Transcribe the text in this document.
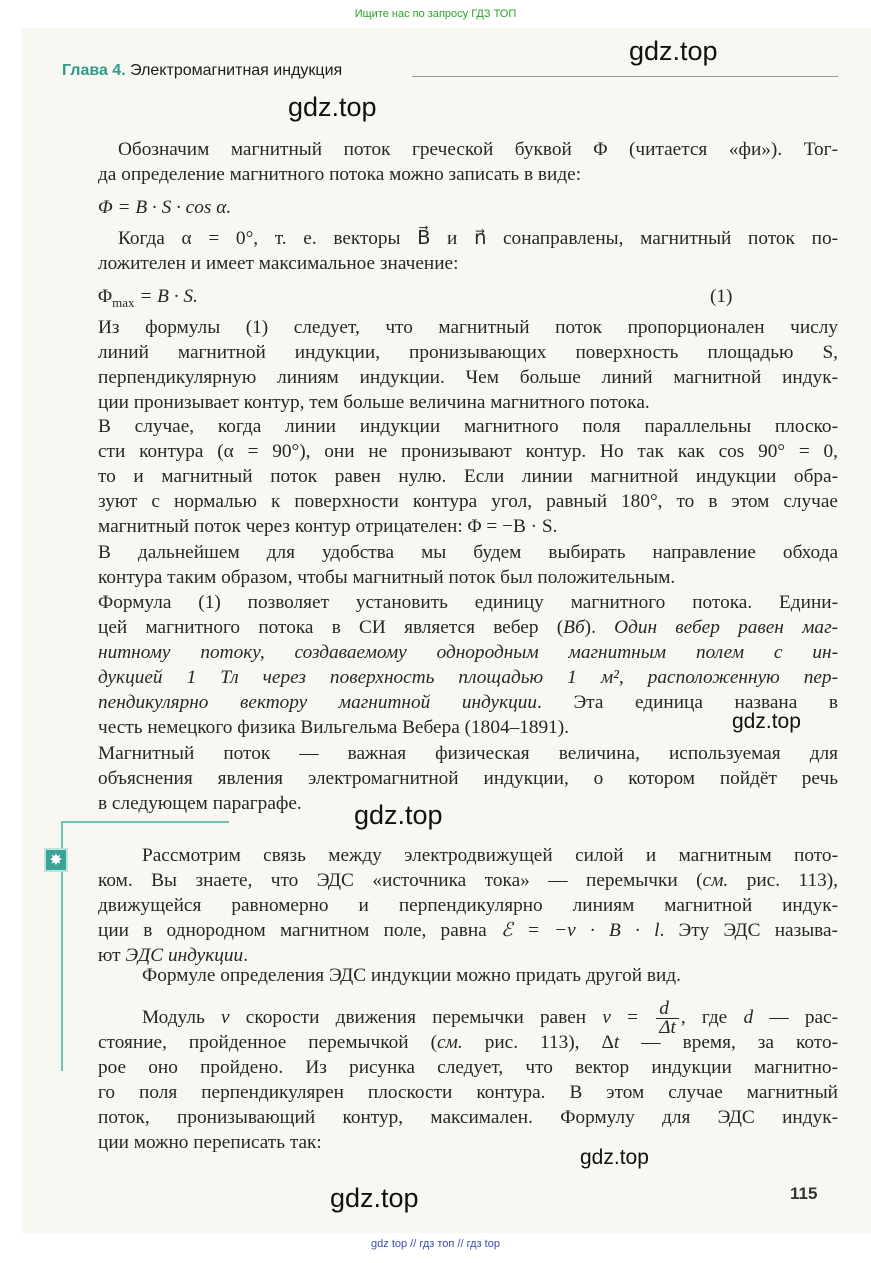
Ищите нас по запросу ГДЗ ТОП
Глава 4. Электромагнитная индукция
gdz.top
gdz.top
gdz.top
gdz.top
gdz.top
gdz.top
Обозначим магнитный поток греческой буквой Φ (читается «фи»). Тог-
да определение магнитного потока можно записать в виде:
Φ = B · S · cos α.
Когда α = 0°, т. е. векторы B⃗ и n⃗ сонаправлены, магнитный поток по-
ложителен и имеет максимальное значение:
$\Phi_{max} = B \cdot S$.	(1)
Из формулы (1) следует, что магнитный поток пропорционален числу
линий магнитной индукции, пронизывающих поверхность площадью S,
перпендикулярную линиям индукции. Чем больше линий магнитной индук-
ции пронизывает контур, тем больше величина магнитного потока.
В случае, когда линии индукции магнитного поля параллельны плоско-
сти контура (α = 90°), они не пронизывают контур. Но так как cos 90° = 0,
то и магнитный поток равен нулю. Если линии магнитной индукции обра-
зуют с нормалью к поверхности контура угол, равный 180°, то в этом случае
магнитный поток через контур отрицателен: Φ = −B · S.
В дальнейшем для удобства мы будем выбирать направление обхода
контура таким образом, чтобы магнитный поток был положительным.
Формула (1) позволяет установить единицу магнитного потока. Едини-
цей магнитного потока в СИ является вебер (Вб). Один вебер равен маг-
нитному потоку, создаваемому однородным магнитным полем с ин-
дукцией 1 Тл через поверхность площадью 1 м², расположенную пер-
пендикулярно вектору магнитной индукции. Эта единица названа в
честь немецкого физика Вильгельма Вебера (1804–1891).
Магнитный поток — важная физическая величина, используемая для
объяснения явления электромагнитной индукции, о котором пойдёт речь
в следующем параграфе.
✸	Рассмотрим связь между электродвижущей силой и магнитным пото-
ком. Вы знаете, что ЭДС «источника тока» — перемычки (см. рис. 113),
движущейся равномерно и перпендикулярно линиям магнитной индук-
ции в однородном магнитном поле, равна ℰ = −v · B · l. Эту ЭДС называ-
ют ЭДС индукции.
Формуле определения ЭДС индукции можно придать другой вид.
Модуль v скорости движения перемычки равен $v = \frac{d}{\Delta t}$ , где d — рас-
стояние, пройденное перемычкой (см. рис. 113), Δt — время, за кото-
рое оно пройдено. Из рисунка следует, что вектор индукции магнитно-
го поля перпендикулярен плоскости контура. В этом случае магнитный
поток, пронизывающий контур, максимален. Формулу для ЭДС индук-
ции можно переписать так:
115
gdz top // гдз топ // гдз top
